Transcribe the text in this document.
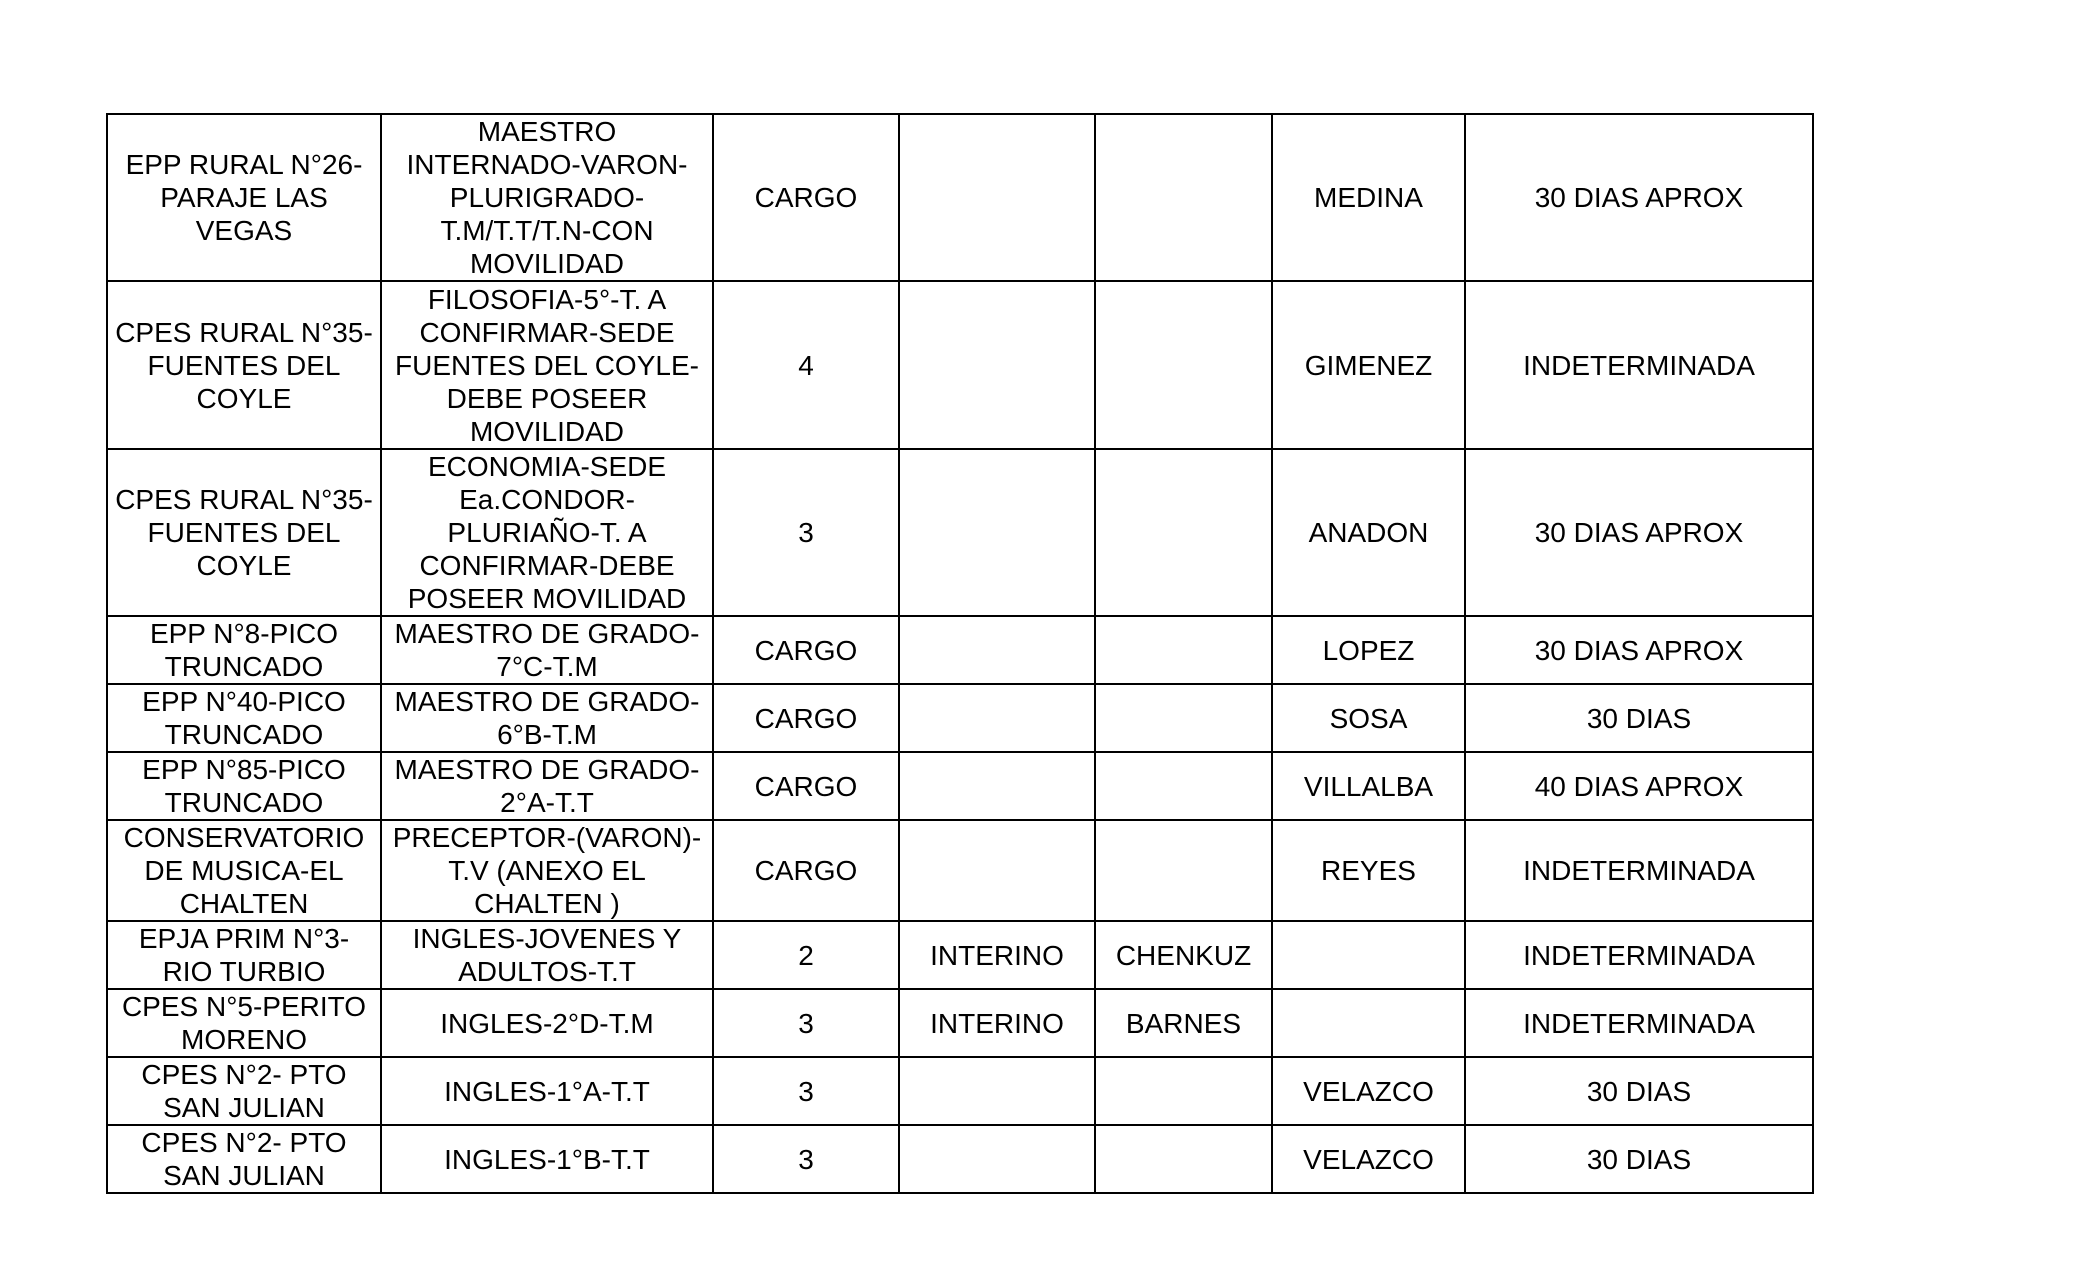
EPP RURAL N°26-PARAJE LAS VEGAS	MAESTRO INTERNADO-VARON-PLURIGRADO-T.M/T.T/T.N-CON MOVILIDAD	CARGO			MEDINA	30 DIAS APROX
CPES RURAL N°35-FUENTES DEL COYLE	FILOSOFIA-5°-T. A CONFIRMAR-SEDE FUENTES DEL COYLE-DEBE POSEER MOVILIDAD	4			GIMENEZ	INDETERMINADA
CPES RURAL N°35-FUENTES DEL COYLE	ECONOMIA-SEDE Ea.CONDOR-PLURIAÑO-T. A CONFIRMAR-DEBE POSEER MOVILIDAD	3			ANADON	30 DIAS APROX
EPP N°8-PICO TRUNCADO	MAESTRO DE GRADO-7°C-T.M	CARGO			LOPEZ	30 DIAS APROX
EPP N°40-PICO TRUNCADO	MAESTRO DE GRADO-6°B-T.M	CARGO			SOSA	30 DIAS
EPP N°85-PICO TRUNCADO	MAESTRO DE GRADO-2°A-T.T	CARGO			VILLALBA	40 DIAS APROX
CONSERVATORIO DE MUSICA-EL CHALTEN	PRECEPTOR-(VARON)-T.V (ANEXO EL CHALTEN )	CARGO			REYES	INDETERMINADA
EPJA PRIM N°3-RIO TURBIO	INGLES-JOVENES Y ADULTOS-T.T	2	INTERINO	CHENKUZ		INDETERMINADA
CPES N°5-PERITO MORENO	INGLES-2°D-T.M	3	INTERINO	BARNES		INDETERMINADA
CPES N°2- PTO SAN JULIAN	INGLES-1°A-T.T	3			VELAZCO	30 DIAS
CPES N°2- PTO SAN JULIAN	INGLES-1°B-T.T	3			VELAZCO	30 DIAS
